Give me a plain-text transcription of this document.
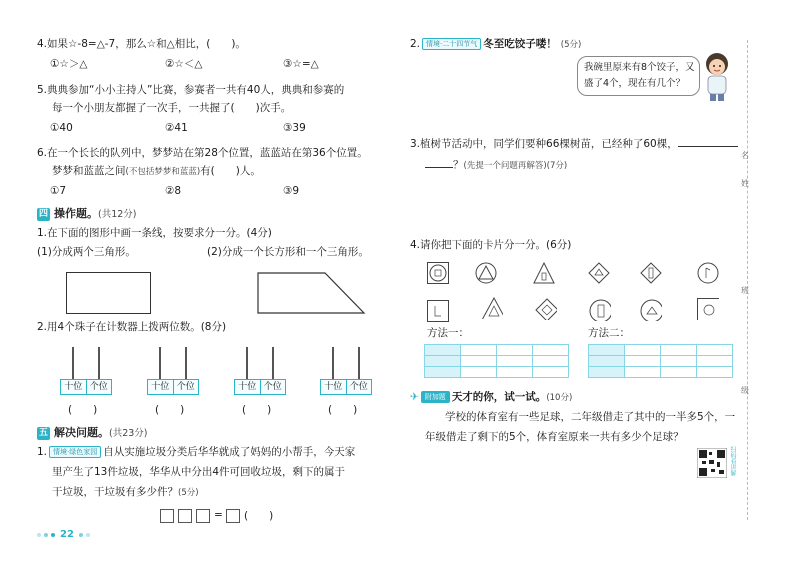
4.如果☆-8=△-7，那么☆和△相比，(　　)。
①☆＞△	②☆＜△	③☆=△
5.典典参加“小小主持人”比赛，参赛者一共有40人，典典和参赛的
每一个小朋友都握了一次手，一共握了(　　)次手。
①40	②41	③39
6.在一个长长的队列中，梦梦站在第28个位置，蓝蓝站在第36个位置。
梦梦和蓝蓝之间(不包括梦梦和蓝蓝)有(　　)人。
①7	②8	③9
四 操作题。(共12分)
1.在下面的图形中画一条线，按要求分一分。(4分)
(1)分成两个三角形。	(2)分成一个长方形和一个三角形。
2.用4个珠子在计数器上拨两位数。(8分)
十位 个位
(　　)
十位 个位
(　　)
十位 个位
(　　)
十位 个位
(　　)
五 解决问题。(共23分)
1. 情境·绿色家园 自从实施垃圾分类后华华就成了妈妈的小帮手，今天家
里产生了13件垃圾，华华从中分出4件可回收垃圾，剩下的属于
干垃圾，干垃圾有多少件？(5分)
= (　　)
22
2. 情境·二十四节气 冬至吃饺子喽！ (5分)
我碗里原来有8个饺子，又
盛了4个，现在有几个？
3.植树节活动中，同学们要种66棵树苗，已经种了60棵，
？(先提一个问题再解答)(7分)
4.请你把下面的卡片分一分。(6分)
方法一：	方法二：

✈ 附加题 天才的你，试一试。(10分)
学校的体育室有一些足球，二年级借走了其中的一半多5个，一
年级借走了剩下的5个，体育室原来一共有多少个足球？
扫码看讲解
名
姓
班
级
